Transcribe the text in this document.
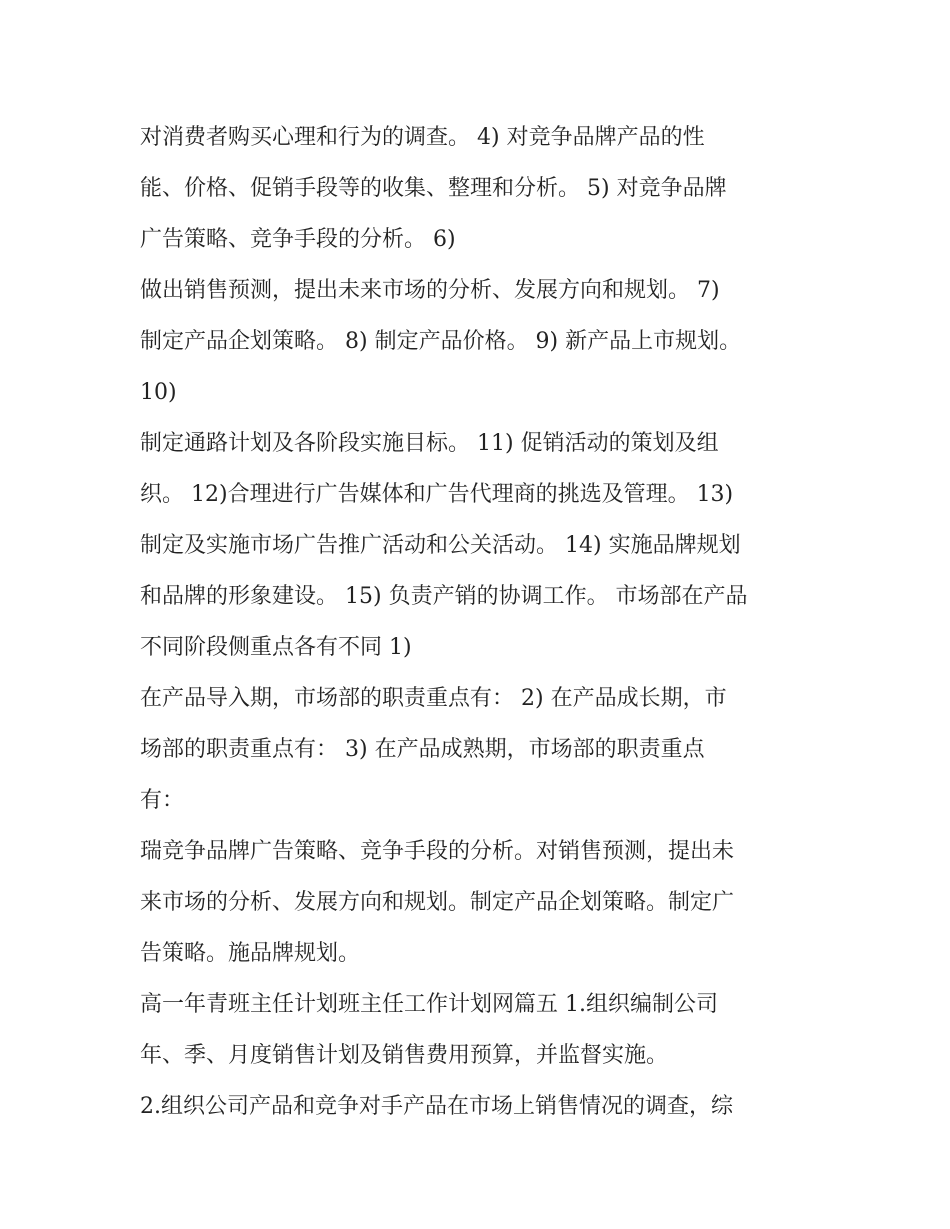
对消费者购买心理和行为的调查。 4) 对竞争品牌产品的性
能、价格、促销手段等的收集、整理和分析。 5) 对竞争品牌
广告策略、竞争手段的分析。 6)
做出销售预测，提出未来市场的分析、发展方向和规划。 7)
制定产品企划策略。 8) 制定产品价格。 9) 新产品上市规划。
10)
制定通路计划及各阶段实施目标。 11) 促销活动的策划及组
织。 12)合理进行广告媒体和广告代理商的挑选及管理。 13)
制定及实施市场广告推广活动和公关活动。 14) 实施品牌规划
和品牌的形象建设。 15) 负责产销的协调工作。 市场部在产品
不同阶段侧重点各有不同 1)
在产品导入期，市场部的职责重点有： 2) 在产品成长期，市
场部的职责重点有： 3) 在产品成熟期，市场部的职责重点
有：
瑞竞争品牌广告策略、竞争手段的分析。对销售预测，提出未
来市场的分析、发展方向和规划。制定产品企划策略。制定广
告策略。施品牌规划。
高一年青班主任计划班主任工作计划网篇五 1.组织编制公司
年、季、月度销售计划及销售费用预算，并监督实施。
2.组织公司产品和竞争对手产品在市场上销售情况的调查，综
